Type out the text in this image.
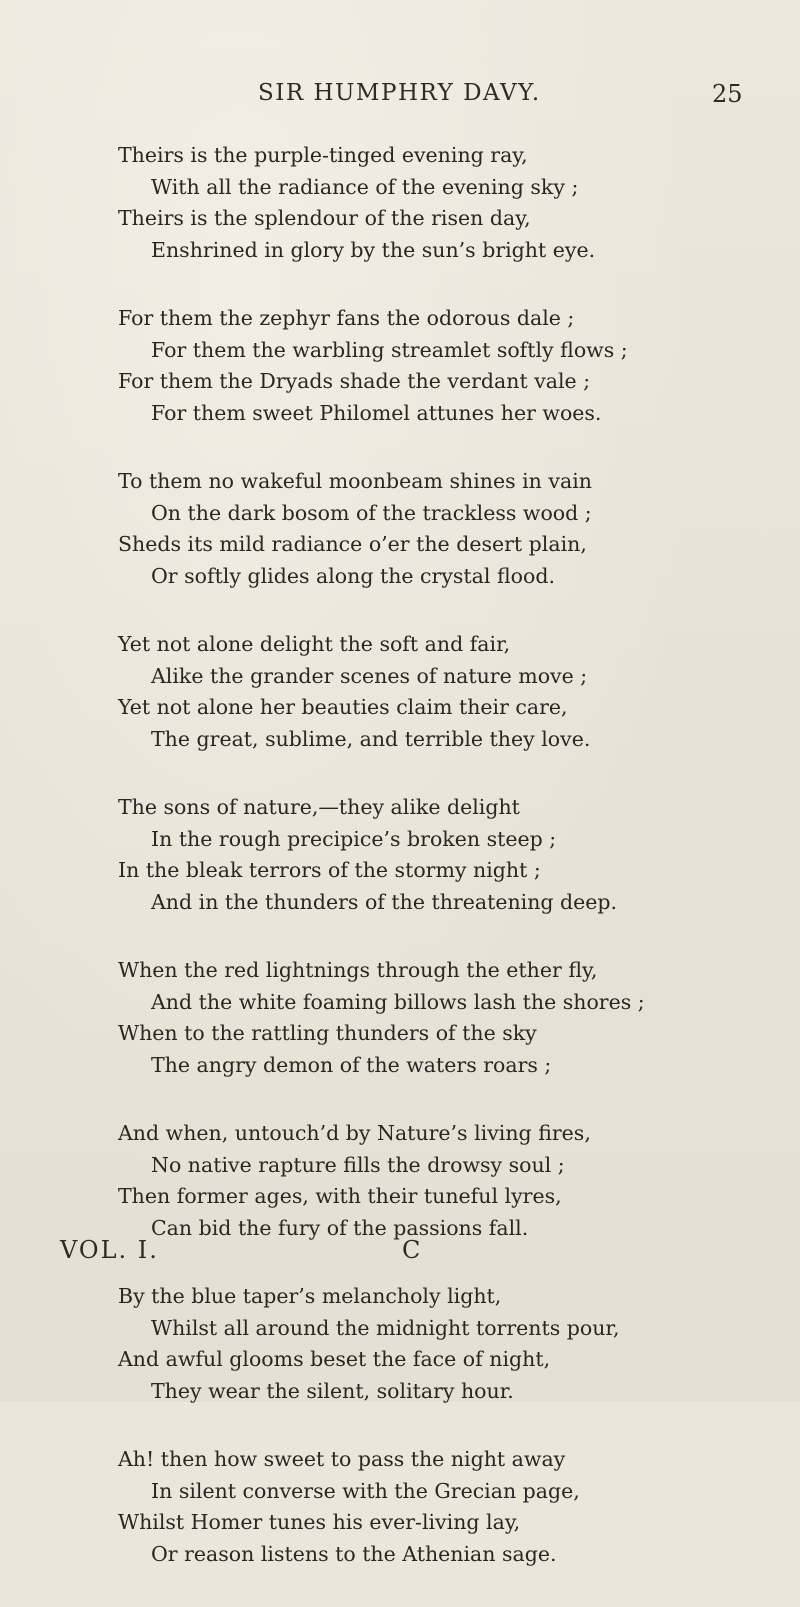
SIR HUMPHRY DAVY.	25
Theirs is the purple-tinged evening ray,
With all the radiance of the evening sky ;
Theirs is the splendour of the risen day,
Enshrined in glory by the sun’s bright eye.
For them the zephyr fans the odorous dale ;
For them the warbling streamlet softly flows ;
For them the Dryads shade the verdant vale ;
For them sweet Philomel attunes her woes.
To them no wakeful moonbeam shines in vain
On the dark bosom of the trackless wood ;
Sheds its mild radiance o’er the desert plain,
Or softly glides along the crystal flood.
Yet not alone delight the soft and fair,
Alike the grander scenes of nature move ;
Yet not alone her beauties claim their care,
The great, sublime, and terrible they love.
The sons of nature,—they alike delight
In the rough precipice’s broken steep ;
In the bleak terrors of the stormy night ;
And in the thunders of the threatening deep.
When the red lightnings through the ether fly,
And the white foaming billows lash the shores ;
When to the rattling thunders of the sky
The angry demon of the waters roars ;
And when, untouch’d by Nature’s living fires,
No native rapture fills the drowsy soul ;
Then former ages, with their tuneful lyres,
Can bid the fury of the passions fall.
By the blue taper’s melancholy light,
Whilst all around the midnight torrents pour,
And awful glooms beset the face of night,
They wear the silent, solitary hour.
Ah! then how sweet to pass the night away
In silent converse with the Grecian page,
Whilst Homer tunes his ever-living lay,
Or reason listens to the Athenian sage.
VOL. I.	C
